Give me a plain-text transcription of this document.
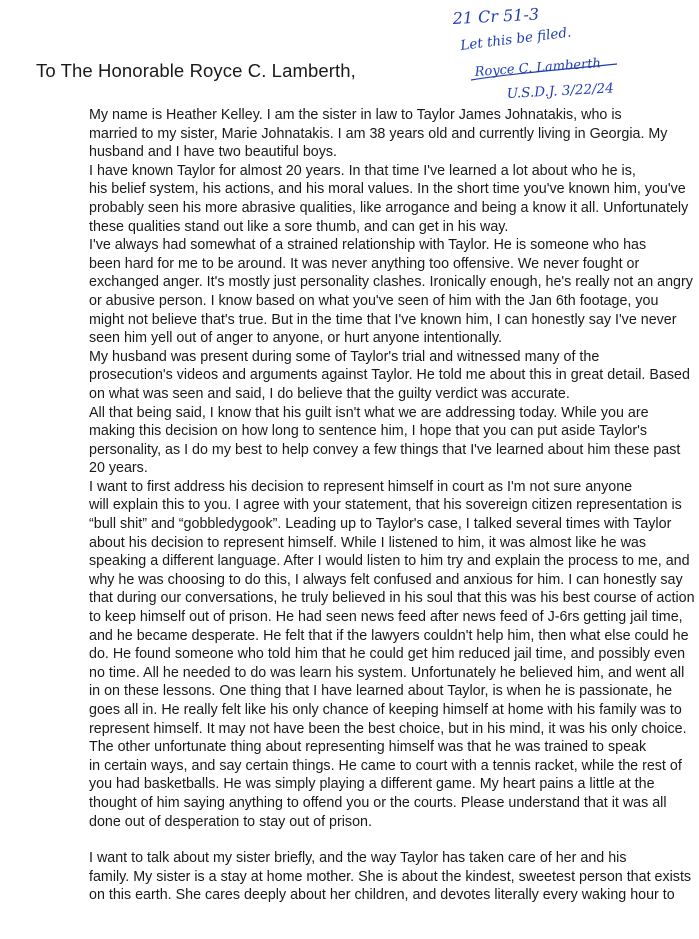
21 Cr 51-3
Let this be filed.
Royce C. Lamberth
U.S.D.J. 3/22/24
To The Honorable Royce C. Lamberth,

My name is Heather Kelley. I am the sister in law to Taylor James Johnatakis, who is
married to my sister, Marie Johnatakis. I am 38 years old and currently living in Georgia. My
husband and I have two beautiful boys.

I have known Taylor for almost 20 years. In that time I've learned a lot about who he is,
his belief system, his actions, and his moral values. In the short time you've known him, you've
probably seen his more abrasive qualities, like arrogance and being a know it all. Unfortunately
these qualities stand out like a sore thumb, and can get in his way.

I've always had somewhat of a strained relationship with Taylor. He is someone who has
been hard for me to be around. It was never anything too offensive. We never fought or
exchanged anger. It's mostly just personality clashes. Ironically enough, he's really not an angry
or abusive person. I know based on what you've seen of him with the Jan 6th footage, you
might not believe that's true. But in the time that I've known him, I can honestly say I've never
seen him yell out of anger to anyone, or hurt anyone intentionally.

My husband was present during some of Taylor's trial and witnessed many of the
prosecution's videos and arguments against Taylor. He told me about this in great detail. Based
on what was seen and said, I do believe that the guilty verdict was accurate.

All that being said, I know that his guilt isn't what we are addressing today. While you are
making this decision on how long to sentence him, I hope that you can put aside Taylor's
personality, as I do my best to help convey a few things that I've learned about him these past
20 years.

I want to first address his decision to represent himself in court as I'm not sure anyone
will explain this to you. I agree with your statement, that his sovereign citizen representation is
“bull shit” and “gobbledygook”. Leading up to Taylor's case, I talked several times with Taylor
about his decision to represent himself. While I listened to him, it was almost like he was
speaking a different language. After I would listen to him try and explain the process to me, and
why he was choosing to do this, I always felt confused and anxious for him. I can honestly say
that during our conversations, he truly believed in his soul that this was his best course of action
to keep himself out of prison. He had seen news feed after news feed of J-6rs getting jail time,
and he became desperate. He felt that if the lawyers couldn't help him, then what else could he
do. He found someone who told him that he could get him reduced jail time, and possibly even
no time. All he needed to do was learn his system. Unfortunately he believed him, and went all
in on these lessons. One thing that I have learned about Taylor, is when he is passionate, he
goes all in. He really felt like his only chance of keeping himself at home with his family was to
represent himself. It may not have been the best choice, but in his mind, it was his only choice.

The other unfortunate thing about representing himself was that he was trained to speak
in certain ways, and say certain things. He came to court with a tennis racket, while the rest of
you had basketballs. He was simply playing a different game. My heart pains a little at the
thought of him saying anything to offend you or the courts. Please understand that it was all
done out of desperation to stay out of prison.

I want to talk about my sister briefly, and the way Taylor has taken care of her and his
family. My sister is a stay at home mother. She is about the kindest, sweetest person that exists
on this earth. She cares deeply about her children, and devotes literally every waking hour to
